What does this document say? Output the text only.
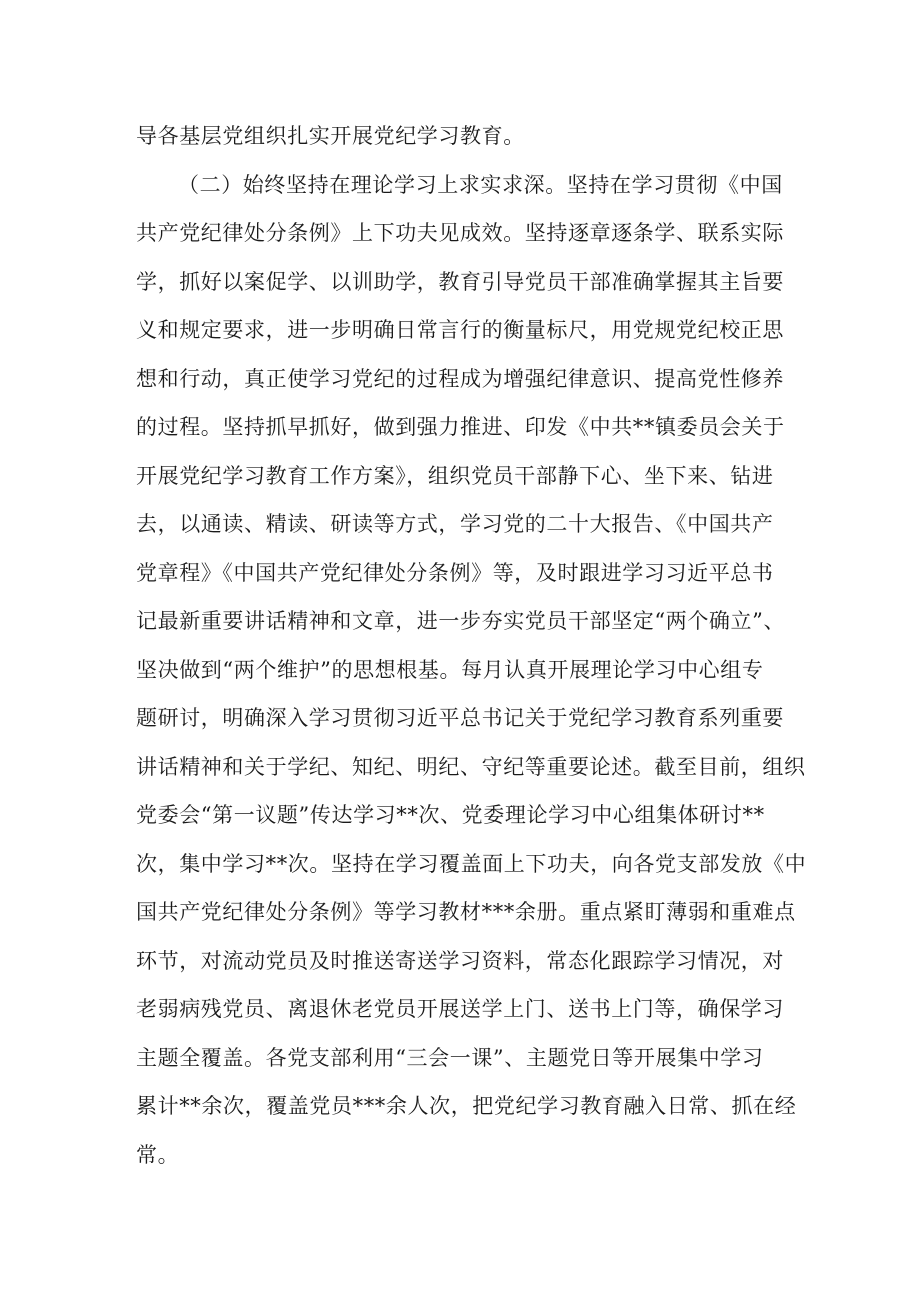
导各基层党组织扎实开展党纪学习教育。
（二）始终坚持在理论学习上求实求深。坚持在学习贯彻《中国
共产党纪律处分条例》上下功夫见成效。坚持逐章逐条学、联系实际
学，抓好以案促学、以训助学，教育引导党员干部准确掌握其主旨要
义和规定要求，进一步明确日常言行的衡量标尺，用党规党纪校正思
想和行动，真正使学习党纪的过程成为增强纪律意识、提高党性修养
的过程。坚持抓早抓好，做到强力推进、印发《中共**镇委员会关于
开展党纪学习教育工作方案》，组织党员干部静下心、坐下来、钻进
去，以通读、精读、研读等方式，学习党的二十大报告、《中国共产
党章程》《中国共产党纪律处分条例》等，及时跟进学习习近平总书
记最新重要讲话精神和文章，进一步夯实党员干部坚定“两个确立”、
坚决做到“两个维护”的思想根基。每月认真开展理论学习中心组专
题研讨，明确深入学习贯彻习近平总书记关于党纪学习教育系列重要
讲话精神和关于学纪、知纪、明纪、守纪等重要论述。截至目前，组织
党委会“第一议题”传达学习**次、党委理论学习中心组集体研讨**
次，集中学习**次。坚持在学习覆盖面上下功夫，向各党支部发放《中
国共产党纪律处分条例》等学习教材***余册。重点紧盯薄弱和重难点
环节，对流动党员及时推送寄送学习资料，常态化跟踪学习情况，对
老弱病残党员、离退休老党员开展送学上门、送书上门等，确保学习
主题全覆盖。各党支部利用“三会一课”、主题党日等开展集中学习
累计**余次，覆盖党员***余人次，把党纪学习教育融入日常、抓在经
常。
